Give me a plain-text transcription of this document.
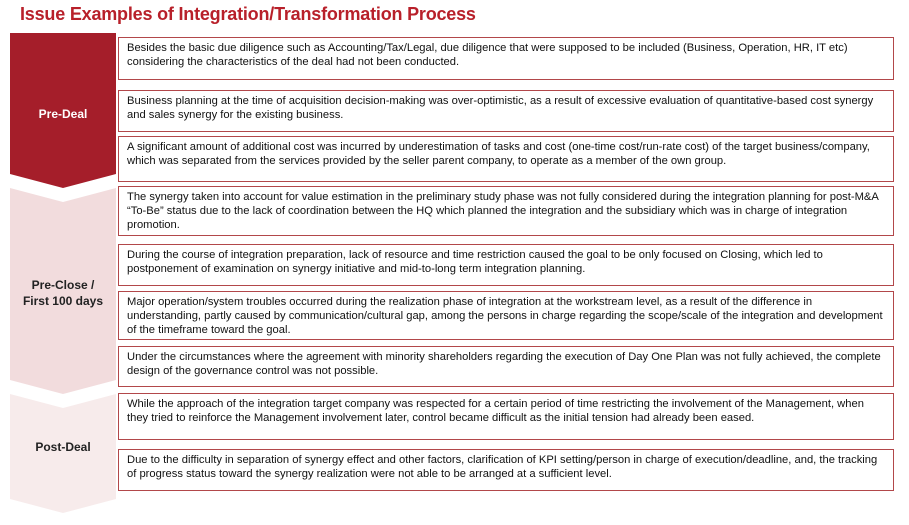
Issue Examples of Integration/Transformation Process
Pre-Deal
Pre-Close /
First 100 days
Post-Deal
Besides the basic due diligence such as Accounting/Tax/Legal, due diligence that were supposed to be included (Business, Operation, HR, IT etc) considering the characteristics of the deal had not been conducted.
Business planning at the time of acquisition decision-making was over-optimistic, as a result of excessive evaluation of quantitative-based cost synergy and sales synergy for the existing business.
A significant amount of additional cost was incurred by underestimation of tasks and cost (one-time cost/run-rate cost) of the target business/company, which was separated from the services provided by the seller parent company, to operate as a member of the own group.
The synergy taken into account for value estimation in the preliminary study phase was not fully considered during the integration planning for post-M&A “To-Be” status due to the lack of coordination between the HQ which planned the integration and the subsidiary which was in charge of integration promotion.
During the course of integration preparation, lack of resource and time restriction caused the goal to be only focused on Closing, which led to postponement of examination on synergy initiative and mid-to-long term integration planning.
Major operation/system troubles occurred during the realization phase of integration at the workstream level, as a result of the difference in understanding, partly caused by communication/cultural gap, among the persons in charge regarding the scope/scale of the integration and development of the timeframe toward the goal.
Under the circumstances where the agreement with minority shareholders regarding the execution of Day One Plan was not fully achieved, the complete design of the governance control was not possible.
While the approach of the integration target company was respected for a certain period of time restricting the involvement of the Management, when they tried to reinforce the Management involvement later, control became difficult as the initial tension had already been eased.
Due to the difficulty in separation of synergy effect and other factors, clarification of KPI setting/person in charge of execution/deadline, and, the tracking of progress status toward the synergy realization were not able to be arranged at a sufficient level.
